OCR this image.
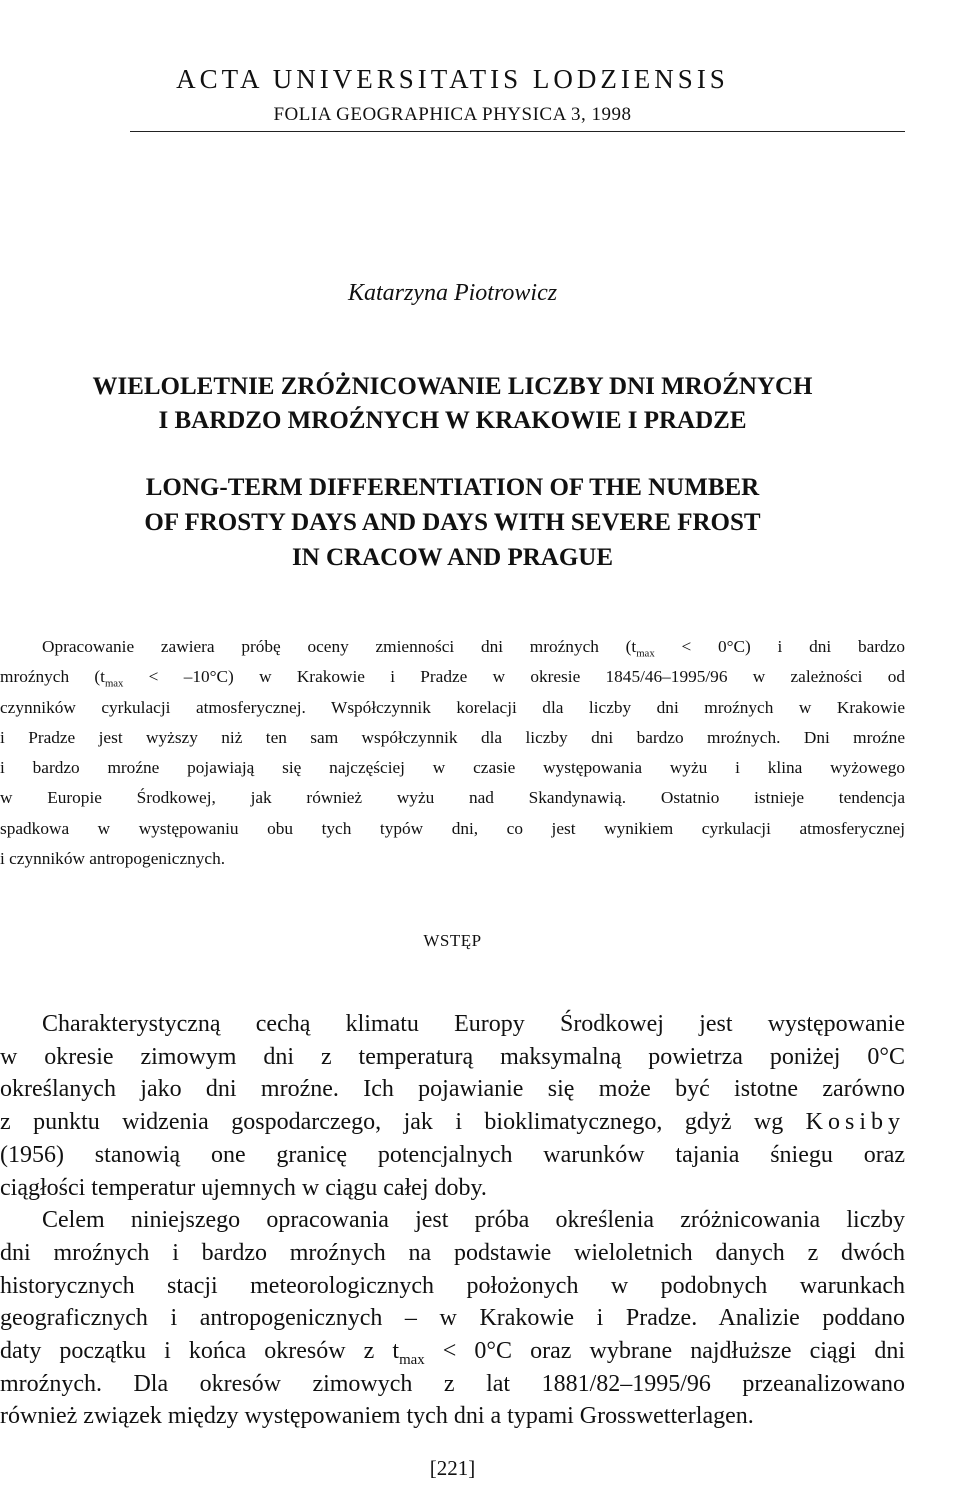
ACTA UNIVERSITATIS LODZIENSIS
FOLIA GEOGRAPHICA PHYSICA 3, 1998
Katarzyna Piotrowicz
WIELOLETNIE ZRÓŻNICOWANIE LICZBY DNI MROŹNYCH
I BARDZO MROŹNYCH W KRAKOWIE I PRADZE
LONG-TERM DIFFERENTIATION OF THE NUMBER
OF FROSTY DAYS AND DAYS WITH SEVERE FROST
IN CRACOW AND PRAGUE
Opracowanie zawiera próbę oceny zmienności dni mroźnych $(t_{max} < 0^\circ C)$ i dni bardzo
mroźnych $(t_{max} < -10^\circ C)$ w Krakowie i Pradze w okresie 1845/46–1995/96 w zależności od
czynników cyrkulacji atmosferycznej. Współczynnik korelacji dla liczby dni mroźnych w Krakowie
i Pradze jest wyższy niż ten sam współczynnik dla liczby dni bardzo mroźnych. Dni mroźne
i bardzo mroźne pojawiają się najczęściej w czasie występowania wyżu i klina wyżowego
w Europie Środkowej, jak również wyżu nad Skandynawią. Ostatnio istnieje tendencja
spadkowa w występowaniu obu tych typów dni, co jest wynikiem cyrkulacji atmosferycznej
i czynników antropogenicznych.
WSTĘP
Charakterystyczną cechą klimatu Europy Środkowej jest występowanie
w okresie zimowym dni z temperaturą maksymalną powietrza poniżej 0°C
określanych jako dni mroźne. Ich pojawianie się może być istotne zarówno
z punktu widzenia gospodarczego, jak i bioklimatycznego, gdyż wg Kosiby
(1956) stanowią one granicę potencjalnych warunków tajania śniegu oraz
ciągłości temperatur ujemnych w ciągu całej doby.
Celem niniejszego opracowania jest próba określenia zróżnicowania liczby
dni mroźnych i bardzo mroźnych na podstawie wieloletnich danych z dwóch
historycznych stacji meteorologicznych położonych w podobnych warunkach
geograficznych i antropogenicznych – w Krakowie i Pradze. Analizie poddano
daty początku i końca okresów z $t_{max} < 0^\circ C$ oraz wybrane najdłuższe ciągi dni
mroźnych. Dla okresów zimowych z lat 1881/82–1995/96 przeanalizowano
również związek między występowaniem tych dni a typami Grosswetterlagen.
[221]
